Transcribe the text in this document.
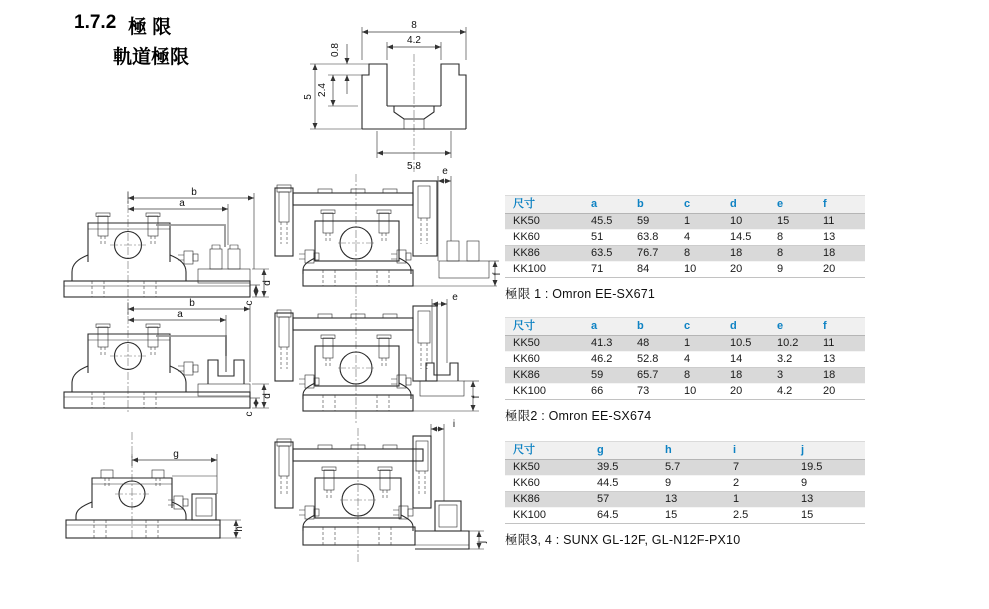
1.7.2 極 限
軌道極限
8
4.2
0.8
2.4
5
5.8
b
a
d
c
e
f
b
a
d
c
e
f
g
h
i
j
尺寸	a	b	c	d	e	f
KK50	45.5	59	1	10	15	11
KK60	51	63.8	4	14.5	8	13
KK86	63.5	76.7	8	18	8	18
KK100	71	84	10	20	9	20
極限 1 : Omron EE-SX671
尺寸	a	b	c	d	e	f
KK50	41.3	48	1	10.5	10.2	11
KK60	46.2	52.8	4	14	3.2	13
KK86	59	65.7	8	18	3	18
KK100	66	73	10	20	4.2	20
極限2 : Omron EE-SX674
尺寸	g	h	i	j
KK50	39.5	5.7	7	19.5
KK60	44.5	9	2	9
KK86	57	13	1	13
KK100	64.5	15	2.5	15
極限3, 4 : SUNX GL-12F, GL-N12F-PX10
